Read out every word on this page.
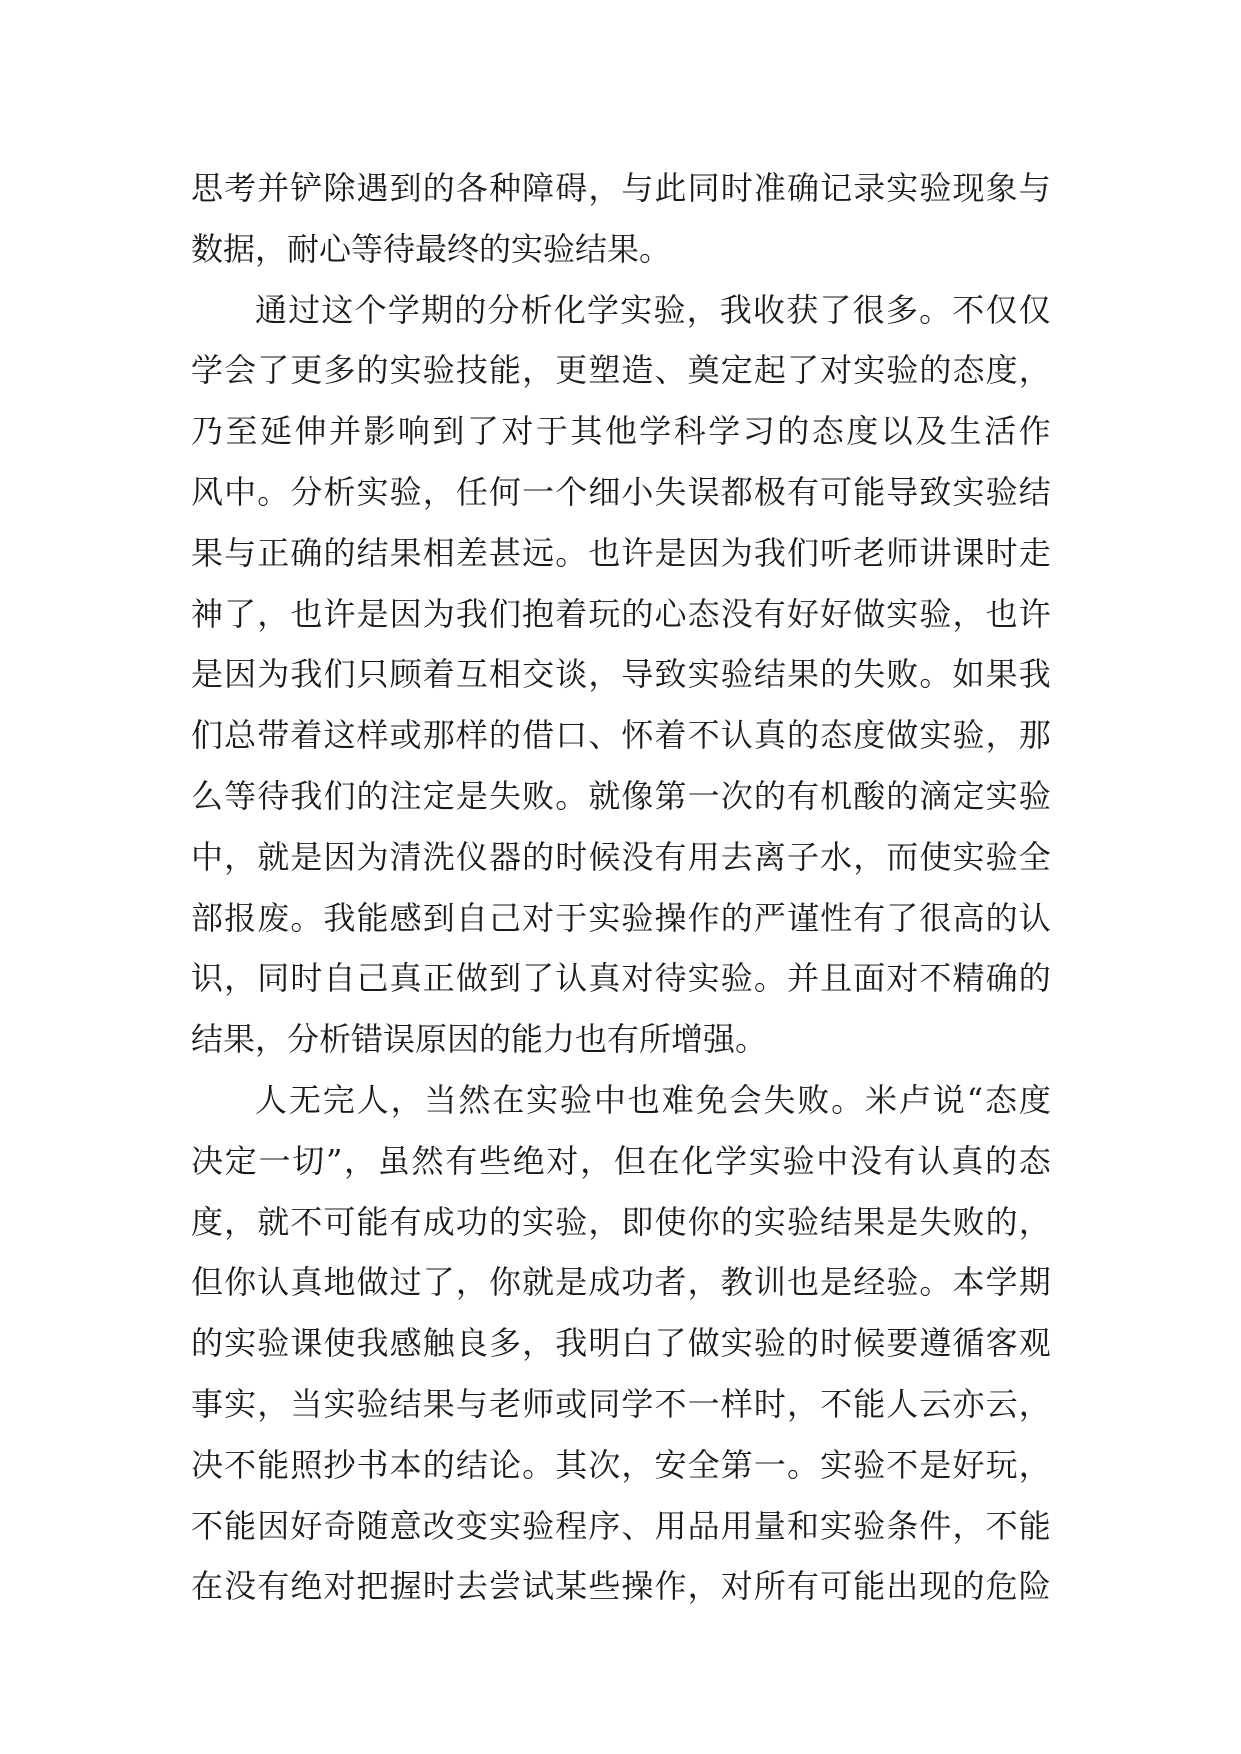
思 考 并 铲 除 遇 到 的 各 种 障 碍 ， 与 此 同 时 准 确 记 录 实 验 现 象 与
数据，耐心等待最终的实验结果。
通 过 这 个 学 期 的 分 析 化 学 实 验 ， 我 收 获 了 很 多 。 不 仅 仅
学 会 了 更 多 的 实 验 技 能 ， 更 塑 造 、 奠 定 起 了 对 实 验 的 态 度 ，
乃 至 延 伸 并 影 响 到 了 对 于 其 他 学 科 学 习 的 态 度 以 及 生 活 作
风 中 。 分 析 实 验 ， 任 何 一 个 细 小 失 误 都 极 有 可 能 导 致 实 验 结
果 与 正 确 的 结 果 相 差 甚 远 。 也 许 是 因 为 我 们 听 老 师 讲 课 时 走
神 了 ， 也 许 是 因 为 我 们 抱 着 玩 的 心 态 没 有 好 好 做 实 验 ， 也 许
是 因 为 我 们 只 顾 着 互 相 交 谈 ， 导 致 实 验 结 果 的 失 败 。 如 果 我
们 总 带 着 这 样 或 那 样 的 借 口 、 怀 着 不 认 真 的 态 度 做 实 验 ， 那
么 等 待 我 们 的 注 定 是 失 败 。 就 像 第 一 次 的 有 机 酸 的 滴 定 实 验
中 ， 就 是 因 为 清 洗 仪 器 的 时 候 没 有 用 去 离 子 水 ， 而 使 实 验 全
部 报 废 。 我 能 感 到 自 己 对 于 实 验 操 作 的 严 谨 性 有 了 很 高 的 认
识 ， 同 时 自 己 真 正 做 到 了 认 真 对 待 实 验 。 并 且 面 对 不 精 确 的
结果，分析错误原因的能力也有所增强。
人 无 完 人 ， 当 然 在 实 验 中 也 难 免 会 失 败 。 米 卢 说 “ 态 度
决 定 一 切 ” ， 虽 然 有 些 绝 对 ， 但 在 化 学 实 验 中 没 有 认 真 的 态
度 ， 就 不 可 能 有 成 功 的 实 验 ， 即 使 你 的 实 验 结 果 是 失 败 的 ，
但 你 认 真 地 做 过 了 ， 你 就 是 成 功 者 ， 教 训 也 是 经 验 。 本 学 期
的 实 验 课 使 我 感 触 良 多 ， 我 明 白 了 做 实 验 的 时 候 要 遵 循 客 观
事 实 ， 当 实 验 结 果 与 老 师 或 同 学 不 一 样 时 ， 不 能 人 云 亦 云 ，
决 不 能 照 抄 书 本 的 结 论 。 其 次 ， 安 全 第 一 。 实 验 不 是 好 玩 ，
不 能 因 好 奇 随 意 改 变 实 验 程 序 、 用 品 用 量 和 实 验 条 件 ， 不 能
在 没 有 绝 对 把 握 时 去 尝 试 某 些 操 作 ， 对 所 有 可 能 出 现 的 危 险
